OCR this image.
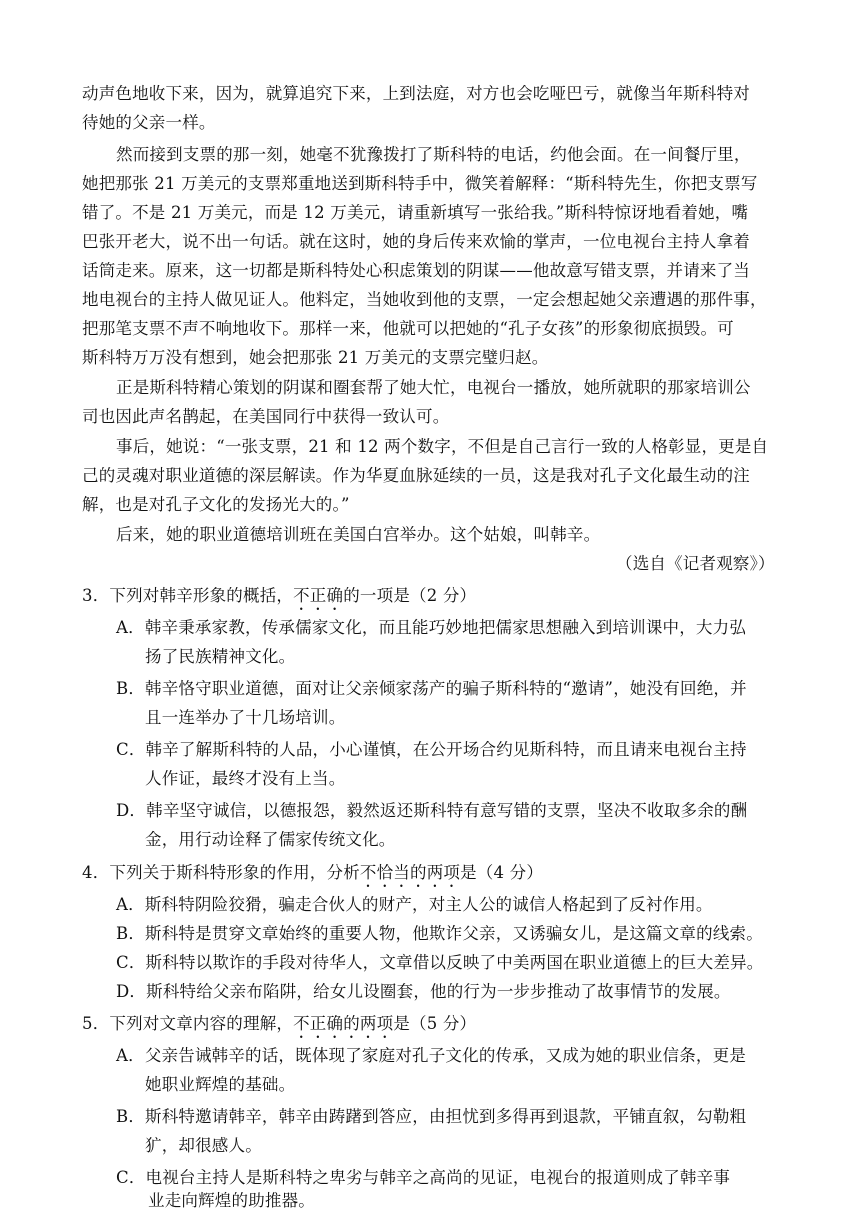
动声色地收下来，因为，就算追究下来，上到法庭，对方也会吃哑巴亏，就像当年斯科特对
待她的父亲一样。
然而接到支票的那一刻，她毫不犹豫拨打了斯科特的电话，约他会面。在一间餐厅里，
她把那张 21 万美元的支票郑重地送到斯科特手中，微笑着解释：“斯科特先生，你把支票写
错了。不是 21 万美元，而是 12 万美元，请重新填写一张给我。”斯科特惊讶地看着她，嘴
巴张开老大，说不出一句话。就在这时，她的身后传来欢愉的掌声，一位电视台主持人拿着
话筒走来。原来，这一切都是斯科特处心积虑策划的阴谋——他故意写错支票，并请来了当
地电视台的主持人做见证人。他料定，当她收到他的支票，一定会想起她父亲遭遇的那件事，
把那笔支票不声不响地收下。那样一来，他就可以把她的“孔子女孩”的形象彻底损毁。可
斯科特万万没有想到，她会把那张 21 万美元的支票完璧归赵。
正是斯科特精心策划的阴谋和圈套帮了她大忙，电视台一播放，她所就职的那家培训公
司也因此声名鹊起，在美国同行中获得一致认可。
事后，她说：“一张支票，21 和 12 两个数字，不但是自己言行一致的人格彰显，更是自
己的灵魂对职业道德的深层解读。作为华夏血脉延续的一员，这是我对孔子文化最生动的注
解，也是对孔子文化的发扬光大的。”
后来，她的职业道德培训班在美国白宫举办。这个姑娘，叫韩辛。
（选自《记者观察》）
3．下列对韩辛形象的概括，不正确的一项是（2 分）
A．韩辛秉承家教，传承儒家文化，而且能巧妙地把儒家思想融入到培训课中，大力弘
扬了民族精神文化。
B．韩辛恪守职业道德，面对让父亲倾家荡产的骗子斯科特的“邀请”，她没有回绝，并
且一连举办了十几场培训。
C．韩辛了解斯科特的人品，小心谨慎，在公开场合约见斯科特，而且请来电视台主持
人作证，最终才没有上当。
D．韩辛坚守诚信，以德报怨，毅然返还斯科特有意写错的支票，坚决不收取多余的酬
金，用行动诠释了儒家传统文化。
4．下列关于斯科特形象的作用，分析不恰当的两项是（4 分）
A．斯科特阴险狡猾，骗走合伙人的财产，对主人公的诚信人格起到了反衬作用。
B．斯科特是贯穿文章始终的重要人物，他欺诈父亲，又诱骗女儿，是这篇文章的线索。
C．斯科特以欺诈的手段对待华人，文章借以反映了中美两国在职业道德上的巨大差异。
D．斯科特给父亲布陷阱，给女儿设圈套，他的行为一步步推动了故事情节的发展。
5．下列对文章内容的理解，不正确的两项是（5 分）
A．父亲告诫韩辛的话，既体现了家庭对孔子文化的传承，又成为她的职业信条，更是
她职业辉煌的基础。
B．斯科特邀请韩辛，韩辛由踌躇到答应，由担忧到多得再到退款，平铺直叙，勾勒粗
犷，却很感人。
C．电视台主持人是斯科特之卑劣与韩辛之高尚的见证，电视台的报道则成了韩辛事
业走向辉煌的助推器。
